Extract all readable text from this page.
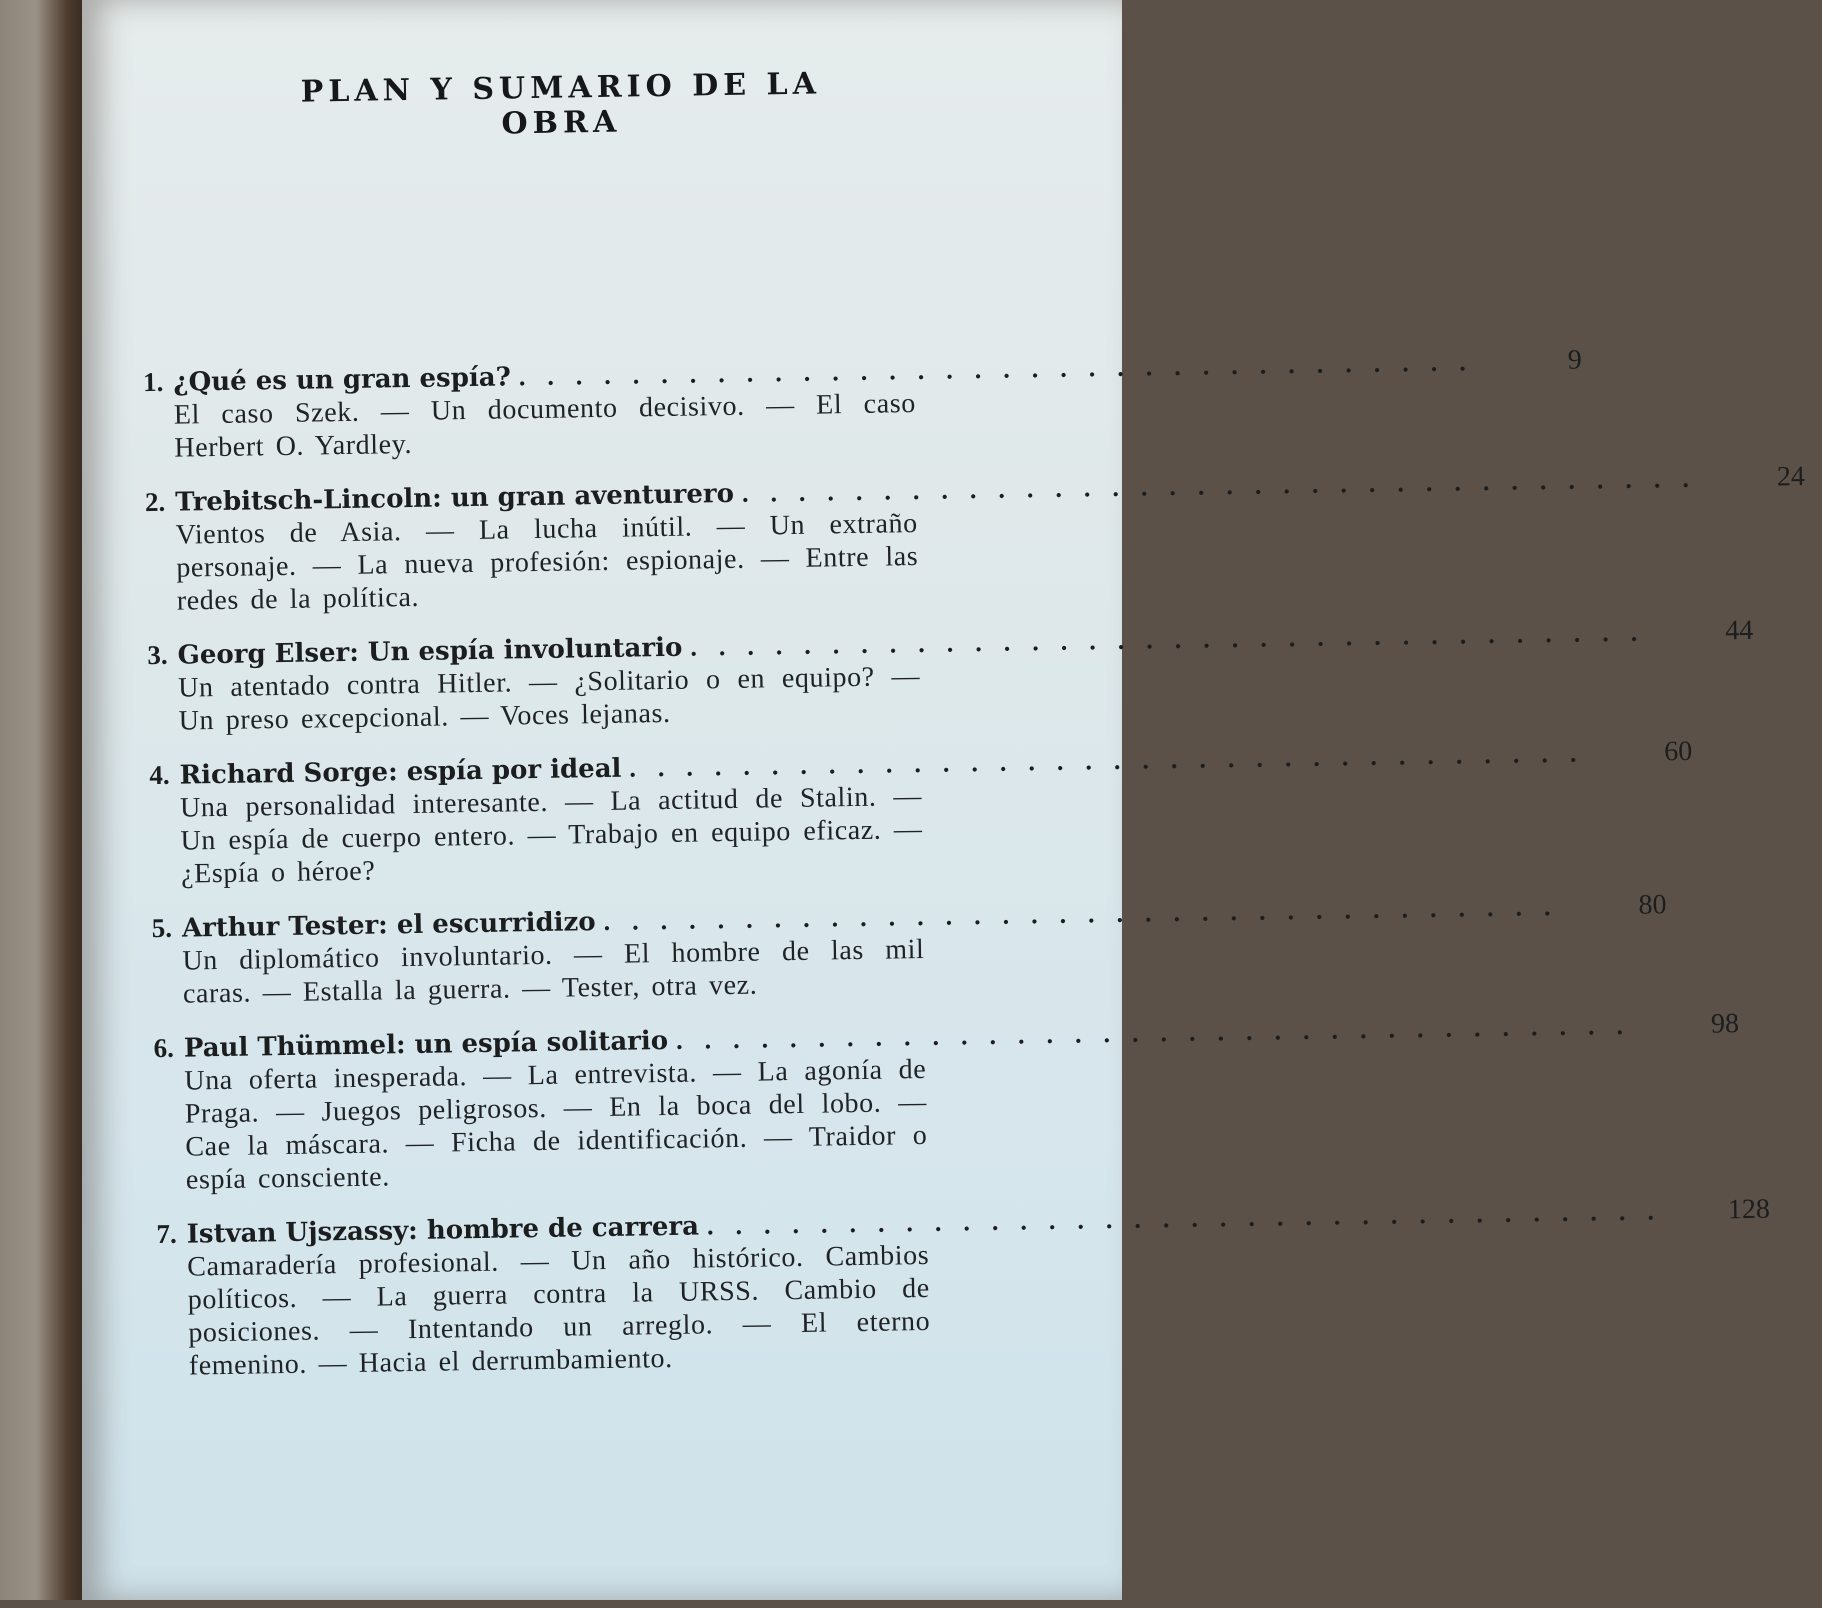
PLAN Y SUMARIO DE LA OBRA
1. ¿Qué es un gran espía? ..................................	9
El caso Szek. — Un documento decisivo. — El caso Herbert O. Yardley.
2. Trebitsch-Lincoln: un gran aventurero ..................................	24
Vientos de Asia. — La lucha inútil. — Un extraño personaje. — La nueva profesión: espionaje. — Entre las redes de la política.
3. Georg Elser: Un espía involuntario ..................................	44
Un atentado contra Hitler. — ¿Solitario o en equipo? — Un preso excepcional. — Voces lejanas.
4. Richard Sorge: espía por ideal ..................................	60
Una personalidad interesante. — La actitud de Stalin. — Un espía de cuerpo entero. — Trabajo en equipo eficaz. — ¿Espía o héroe?
5. Arthur Tester: el escurridizo ..................................	80
Un diplomático involuntario. — El hombre de las mil caras. — Estalla la guerra. — Tester, otra vez.
6. Paul Thümmel: un espía solitario ..................................	98
Una oferta inesperada. — La entrevista. — La agonía de Praga. — Juegos peligrosos. — En la boca del lobo. — Cae la máscara. — Ficha de identificación. — Traidor o espía consciente.
7. Istvan Ujszassy: hombre de carrera ..................................	128
Camaradería profesional. — Un año histórico. Cambios políticos. — La guerra contra la URSS. Cambio de posiciones. — Intentando un arreglo. — El eterno femenino. — Hacia el derrumbamiento.
